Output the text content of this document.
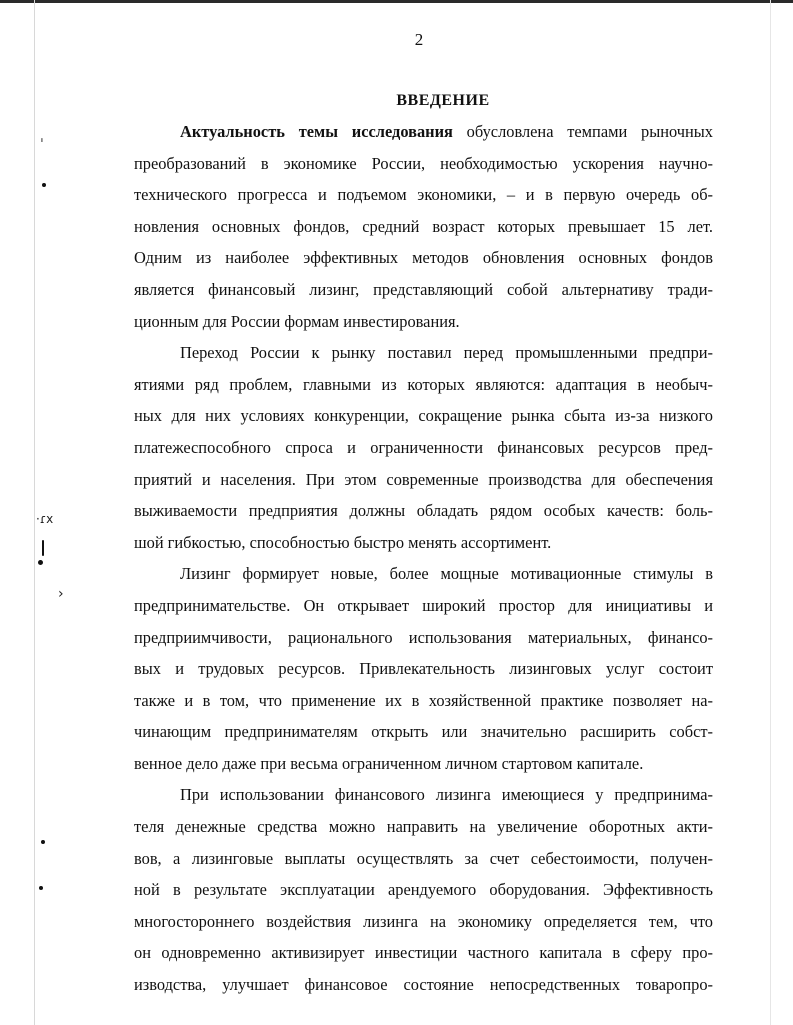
ˌ
·ɾx
›
2
ВВЕДЕНИЕ
Актуальность темы исследования обусловлена темпами рыночных
преобразований в экономике России, необходимостью ускорения научно-
технического прогресса и подъемом экономики, – и в первую очередь об-
новления основных фондов, средний возраст которых превышает 15 лет.
Одним из наиболее эффективных методов обновления основных фондов
является финансовый лизинг, представляющий собой альтернативу тради-
ционным для России формам инвестирования.
Переход России к рынку поставил перед промышленными предпри-
ятиями ряд проблем, главными из которых являются: адаптация в необыч-
ных для них условиях конкуренции, сокращение рынка сбыта из-за низкого
платежеспособного спроса и ограниченности финансовых ресурсов пред-
приятий и населения. При этом современные производства для обеспечения
выживаемости предприятия должны обладать рядом особых качеств: боль-
шой гибкостью, способностью быстро менять ассортимент.
Лизинг формирует новые, более мощные мотивационные стимулы в
предпринимательстве. Он открывает широкий простор для инициативы и
предприимчивости, рационального использования материальных, финансо-
вых и трудовых ресурсов. Привлекательность лизинговых услуг состоит
также и в том, что применение их в хозяйственной практике позволяет на-
чинающим предпринимателям открыть или значительно расширить собст-
венное дело даже при весьма ограниченном личном стартовом капитале.
При использовании финансового лизинга имеющиеся у предпринима-
теля денежные средства можно направить на увеличение оборотных акти-
вов, а лизинговые выплаты осуществлять за счет себестоимости, получен-
ной в результате эксплуатации арендуемого оборудования. Эффективность
многостороннего воздействия лизинга на экономику определяется тем, что
он одновременно активизирует инвестиции частного капитала в сферу про-
изводства, улучшает финансовое состояние непосредственных товаропро-
